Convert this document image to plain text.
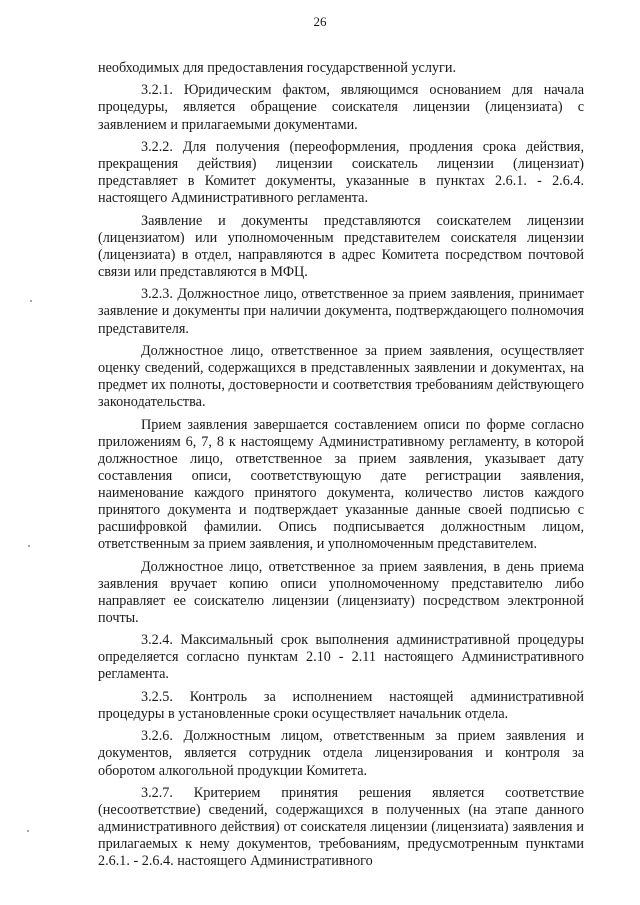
26

необходимых для предоставления государственной услуги.

3.2.1. Юридическим фактом, являющимся основанием для начала процедуры, является обращение соискателя лицензии (лицензиата) с заявлением и прилагаемыми документами.

3.2.2. Для получения (переоформления, продления срока действия, прекращения действия) лицензии соискатель лицензии (лицензиат) представляет в Комитет документы, указанные в пунктах 2.6.1. - 2.6.4. настоящего Административного регламента.

Заявление и документы представляются соискателем лицензии (лицензиатом) или уполномоченным представителем соискателя лицензии (лицензиата) в отдел, направляются в адрес Комитета посредством почтовой связи или представляются в МФЦ.

3.2.3. Должностное лицо, ответственное за прием заявления, принимает заявление и документы при наличии документа, подтверждающего полномочия представителя.

Должностное лицо, ответственное за прием заявления, осуществляет оценку сведений, содержащихся в представленных заявлении и документах, на предмет их полноты, достоверности и соответствия требованиям действующего законодательства.

Прием заявления завершается составлением описи по форме согласно приложениям 6, 7, 8 к настоящему Административному регламенту, в которой должностное лицо, ответственное за прием заявления, указывает дату составления описи, соответствующую дате регистрации заявления, наименование каждого принятого документа, количество листов каждого принятого документа и подтверждает указанные данные своей подписью с расшифровкой фамилии. Опись подписывается должностным лицом, ответственным за прием заявления, и уполномоченным представителем.

Должностное лицо, ответственное за прием заявления, в день приема заявления вручает копию описи уполномоченному представителю либо направляет ее соискателю лицензии (лицензиату) посредством электронной почты.

3.2.4. Максимальный срок выполнения административной процедуры определяется согласно пунктам 2.10 - 2.11 настоящего Административного регламента.

3.2.5. Контроль за исполнением настоящей административной процедуры в установленные сроки осуществляет начальник отдела.

3.2.6. Должностным лицом, ответственным за прием заявления и документов, является сотрудник отдела лицензирования и контроля за оборотом алкогольной продукции Комитета.

3.2.7. Критерием принятия решения является соответствие (несоответствие) сведений, содержащихся в полученных (на этапе данного административного действия) от соискателя лицензии (лицензиата) заявления и прилагаемых к нему документов, требованиям, предусмотренным пунктами 2.6.1. - 2.6.4. настоящего Административного
